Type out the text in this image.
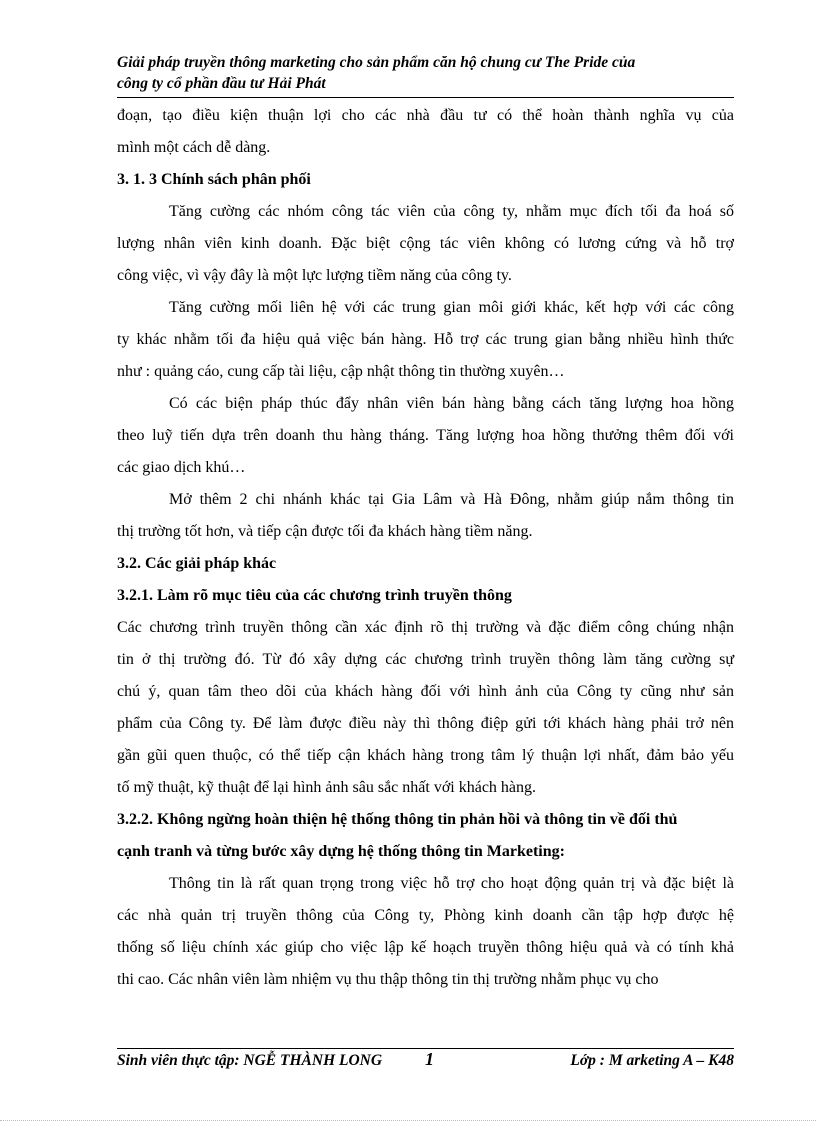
Giải pháp truyền thông marketing cho sản phẩm căn hộ chung cư The Pride của
công ty cổ phần đầu tư Hải Phát

đoạn, tạo điều kiện thuận lợi cho các nhà đầu tư có thể hoàn thành nghĩa vụ của

mình một cách dễ dàng.

3. 1. 3 Chính sách phân phối

Tăng cường các nhóm công tác viên của công ty, nhằm mục đích tối đa hoá số

lượng nhân viên kinh doanh. Đặc biệt cộng tác viên không có lương cứng và hỗ trợ

công việc, vì vậy đây là một lực lượng tiềm năng của công ty.

Tăng cường mối liên hệ với các trung gian môi giới khác, kết hợp với các công

ty khác nhằm tối đa hiệu quả việc bán hàng. Hỗ trợ các trung gian bằng nhiều hình thức

như : quảng cáo, cung cấp tài liệu, cập nhật thông tin thường xuyên…

Có các biện pháp thúc đẩy nhân viên bán hàng bằng cách tăng lượng hoa hồng

theo luỹ tiến dựa trên doanh thu hàng tháng. Tăng lượng hoa hồng thưởng thêm đối với

các giao dịch khú…

Mở thêm 2 chi nhánh khác tại Gia Lâm và Hà Đông, nhằm giúp nắm thông tin

thị trường tốt hơn, và tiếp cận được tối đa khách hàng tiềm năng.

3.2. Các giải pháp khác
3.2.1. Làm rõ mục tiêu của các chương trình truyền thông

Các chương trình truyền thông cần xác định rõ thị trường và đặc điểm công chúng nhận

tin ở thị trường đó. Từ đó xây dựng các chương trình truyền thông làm tăng cường sự

chú ý, quan tâm theo dõi của khách hàng đối với hình ảnh của Công ty cũng như sản

phẩm của Công ty. Để làm được điều này thì thông điệp gửi tới khách hàng phải trở nên

gần gũi quen thuộc, có thể tiếp cận khách hàng trong tâm lý thuận lợi nhất, đảm bảo yếu

tố mỹ thuật, kỹ thuật để lại hình ảnh sâu sắc nhất với khách hàng.

3.2.2. Không ngừng hoàn thiện hệ thống thông tin phản hồi và thông tin về đối thủ
cạnh tranh và từng bước xây dựng hệ thống thông tin Marketing:

Thông tin là rất quan trọng trong việc hỗ trợ cho hoạt động quản trị và đặc biệt là

các nhà quản trị truyền thông của Công ty, Phòng kinh doanh cần tập hợp được hệ

thống số liệu chính xác giúp cho việc lập kế hoạch truyền thông hiệu quả và có tính khả

thi cao. Các nhân viên làm nhiệm vụ thu thập thông tin thị trường nhằm phục vụ cho

Sinh viên thực tập: NGỄ THÀNH LONG 1	Lớp : M arketing A – K48
